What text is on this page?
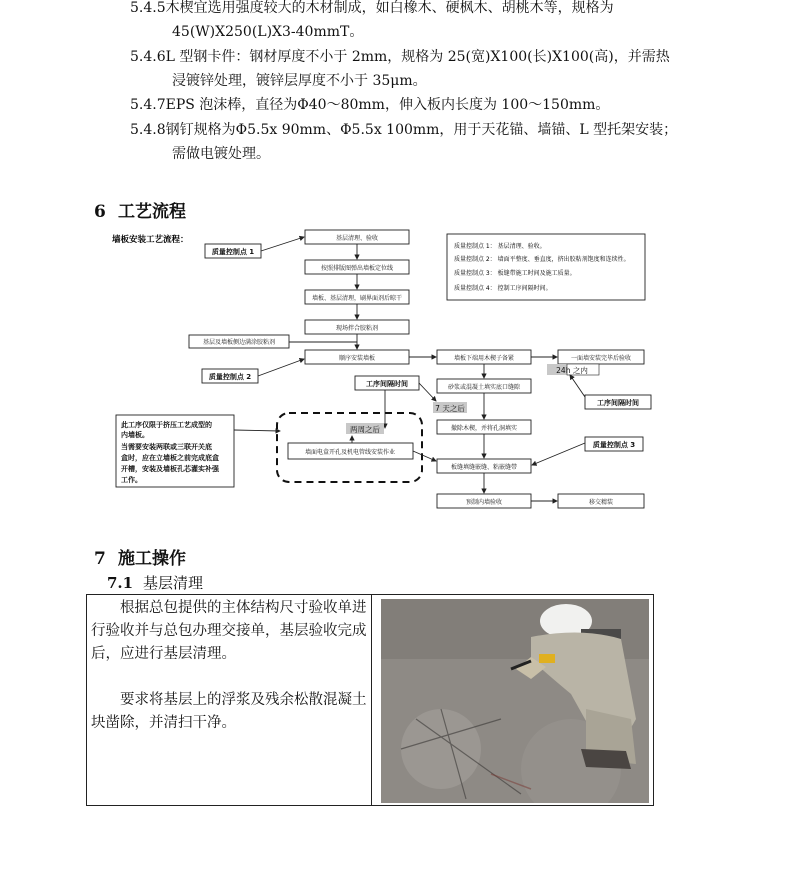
5.4.5木楔宜选用强度较大的木材制成，如白橡木、硬枫木、胡桃木等，规格为
45(W)X250(L)X3-40mmT。
5.4.6L 型钢卡件：钢材厚度不小于 2mm，规格为 25(宽)X100(长)X100(高)，并需热
浸镀锌处理，镀锌层厚度不小于 35μm。
5.4.7EPS 泡沫棒，直径为Φ40～80mm，伸入板内长度为 100～150mm。
5.4.8钢钉规格为Φ5.5x 90mm、Φ5.5x 100mm，用于天花锚、墙锚、L 型托架安装；
需做电镀处理。
6 工艺流程
墙板安装工艺流程：
质量控制点 1
基层清理、验收
按照排版图弹出墙板定位线
墙板、基层清理，刷界面剂后晾干
现场拌合胶粘剂
基层及墙板侧边满涂胶粘剂
顺序安装墙板
质量控制点 2
墙板下端用木楔子备紧	一面墙安装完毕后验收
24h 之内
砂浆或混凝土填实底口缝隙
工序间隔时间
7 天之后
工序间隔时间
撤除木楔，并将孔洞填实
此工序仅限于挤压工艺成型的
内墙板。
当需要安装两联或三联开关底
盒时，应在立墙板之前完成底盒
开槽，安装及墙板孔芯灌实补强
工作。
两周之后
墙面电盒开孔及机电管线安装作业
板缝填缝嵌缝、粘嵌缝带
质量控制点 3
预制内墙验收	移交精装
质量控制点 1： 基层清理、验收。
质量控制点 2： 墙面平整度、垂直度，挤出胶粘剂饱度和连续性。
质量控制点 3： 板缝带施工时间及施工质量。
质量控制点 4： 控制工序间隔时间。
7 施工操作
7.1 基层清理

根据总包提供的主体结构尺寸验收单进行验收并与总包办理交接单，基层验收完成后，应进行基层清理。

要求将基层上的浮浆及残余松散混凝土块凿除，并清扫干净。
